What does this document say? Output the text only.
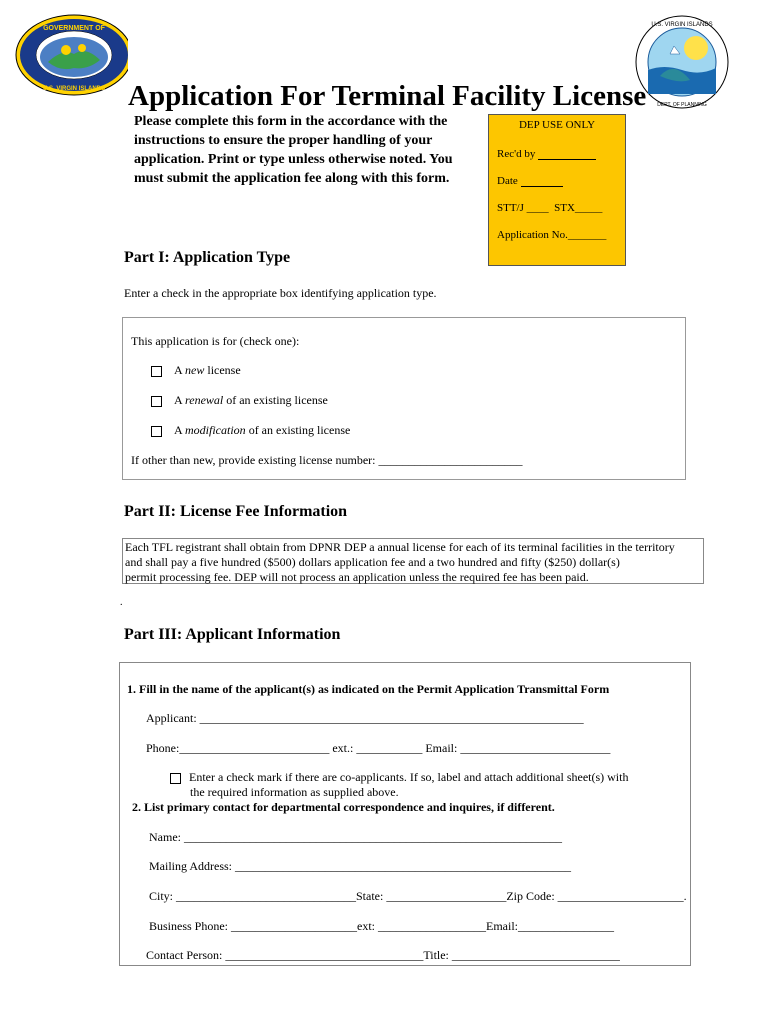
GOVERNMENT OF
U.S. VIRGIN ISLANDS
U.S. VIRGIN ISLANDS
DEPT. OF PLANNING
Application For Terminal Facility License
Please complete this form in the accordance with the instructions to ensure the proper handling of your application. Print or type unless otherwise noted. You must submit the application fee along with this form.
DEP USE ONLY
Rec'd by
Date
STT/J ____ STX_____
Application No._______
Part I: Application Type
Enter a check in the appropriate box identifying application type.
This application is for (check one):
A new license
A renewal of an existing license
A modification of an existing license
If other than new, provide existing license number: ________________________
Part II: License Fee Information
Each TFL registrant shall obtain from DPNR DEP a annual license for each of its terminal facilities in the territory
and shall pay a five hundred ($500) dollars application fee and a two hundred and fifty ($250) dollar(s)
permit processing fee. DEP will not process an application unless the required fee has been paid.
.
Part III: Applicant Information
1. Fill in the name of the applicant(s) as indicated on the Permit Application Transmittal Form
Applicant: ________________________________________________________________
Phone:_________________________ ext.: ___________ Email: _________________________
Enter a check mark if there are co-applicants. If so, label and attach additional sheet(s) with
the required information as supplied above.
2. List primary contact for departmental correspondence and inquires, if different.
Name: _______________________________________________________________
Mailing Address: ________________________________________________________
City: ______________________________State: ____________________Zip Code: _____________________.
Business Phone: _____________________ext: __________________Email:________________
Contact Person: _________________________________Title: ____________________________
